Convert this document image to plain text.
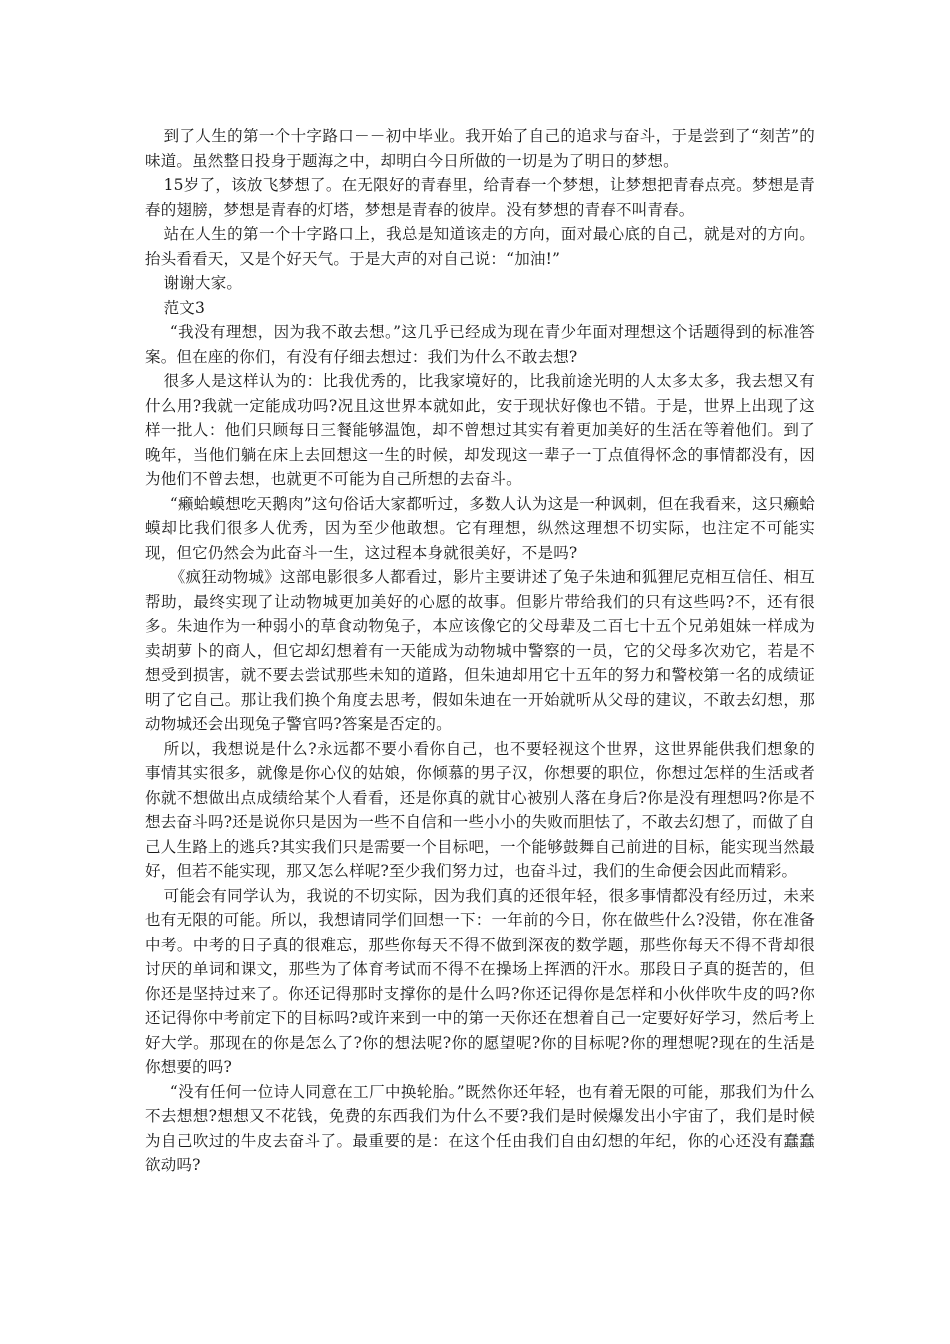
到了人生的第一个十字路口－－初中毕业。我开始了自己的追求与奋斗，于是尝到了“刻苦”的味道。虽然整日投身于题海之中，却明白今日所做的一切是为了明日的梦想。

15岁了，该放飞梦想了。在无限好的青春里，给青春一个梦想，让梦想把青春点亮。梦想是青春的翅膀，梦想是青春的灯塔，梦想是青春的彼岸。没有梦想的青春不叫青春。

站在人生的第一个十字路口上，我总是知道该走的方向，面对最心底的自己，就是对的方向。抬头看看天，又是个好天气。于是大声的对自己说：“加油!”

谢谢大家。

范文3

“我没有理想，因为我不敢去想。”这几乎已经成为现在青少年面对理想这个话题得到的标准答案。但在座的你们，有没有仔细去想过：我们为什么不敢去想?

很多人是这样认为的：比我优秀的，比我家境好的，比我前途光明的人太多太多，我去想又有什么用?我就一定能成功吗?况且这世界本就如此，安于现状好像也不错。于是，世界上出现了这样一批人：他们只顾每日三餐能够温饱，却不曾想过其实有着更加美好的生活在等着他们。到了晚年，当他们躺在床上去回想这一生的时候，却发现这一辈子一丁点值得怀念的事情都没有，因为他们不曾去想，也就更不可能为自己所想的去奋斗。

“癞蛤蟆想吃天鹅肉”这句俗话大家都听过，多数人认为这是一种讽刺，但在我看来，这只癞蛤蟆却比我们很多人优秀，因为至少他敢想。它有理想，纵然这理想不切实际，也注定不可能实现，但它仍然会为此奋斗一生，这过程本身就很美好，不是吗?

《疯狂动物城》这部电影很多人都看过，影片主要讲述了兔子朱迪和狐狸尼克相互信任、相互帮助，最终实现了让动物城更加美好的心愿的故事。但影片带给我们的只有这些吗?不，还有很多。朱迪作为一种弱小的草食动物兔子，本应该像它的父母辈及二百七十五个兄弟姐妹一样成为卖胡萝卜的商人，但它却幻想着有一天能成为动物城中警察的一员，它的父母多次劝它，若是不想受到损害，就不要去尝试那些未知的道路，但朱迪却用它十五年的努力和警校第一名的成绩证明了它自己。那让我们换个角度去思考，假如朱迪在一开始就听从父母的建议，不敢去幻想，那动物城还会出现兔子警官吗?答案是否定的。

所以，我想说是什么?永远都不要小看你自己，也不要轻视这个世界，这世界能供我们想象的事情其实很多，就像是你心仪的姑娘，你倾慕的男子汉，你想要的职位，你想过怎样的生活或者你就不想做出点成绩给某个人看看，还是你真的就甘心被别人落在身后?你是没有理想吗?你是不想去奋斗吗?还是说你只是因为一些不自信和一些小小的失败而胆怯了，不敢去幻想了，而做了自己人生路上的逃兵?其实我们只是需要一个目标吧，一个能够鼓舞自己前进的目标，能实现当然最好，但若不能实现，那又怎么样呢?至少我们努力过，也奋斗过，我们的生命便会因此而精彩。

可能会有同学认为，我说的不切实际，因为我们真的还很年轻，很多事情都没有经历过，未来也有无限的可能。所以，我想请同学们回想一下：一年前的今日，你在做些什么?没错，你在准备中考。中考的日子真的很难忘，那些你每天不得不做到深夜的数学题，那些你每天不得不背却很讨厌的单词和课文，那些为了体育考试而不得不在操场上挥洒的汗水。那段日子真的挺苦的，但你还是坚持过来了。你还记得那时支撑你的是什么吗?你还记得你是怎样和小伙伴吹牛皮的吗?你还记得你中考前定下的目标吗?或许来到一中的第一天你还在想着自己一定要好好学习，然后考上好大学。那现在的你是怎么了?你的想法呢?你的愿望呢?你的目标呢?你的理想呢?现在的生活是你想要的吗?

“没有任何一位诗人同意在工厂中换轮胎。”既然你还年轻，也有着无限的可能，那我们为什么不去想想?想想又不花钱，免费的东西我们为什么不要?我们是时候爆发出小宇宙了，我们是时候为自己吹过的牛皮去奋斗了。最重要的是：在这个任由我们自由幻想的年纪，你的心还没有蠢蠢欲动吗?
